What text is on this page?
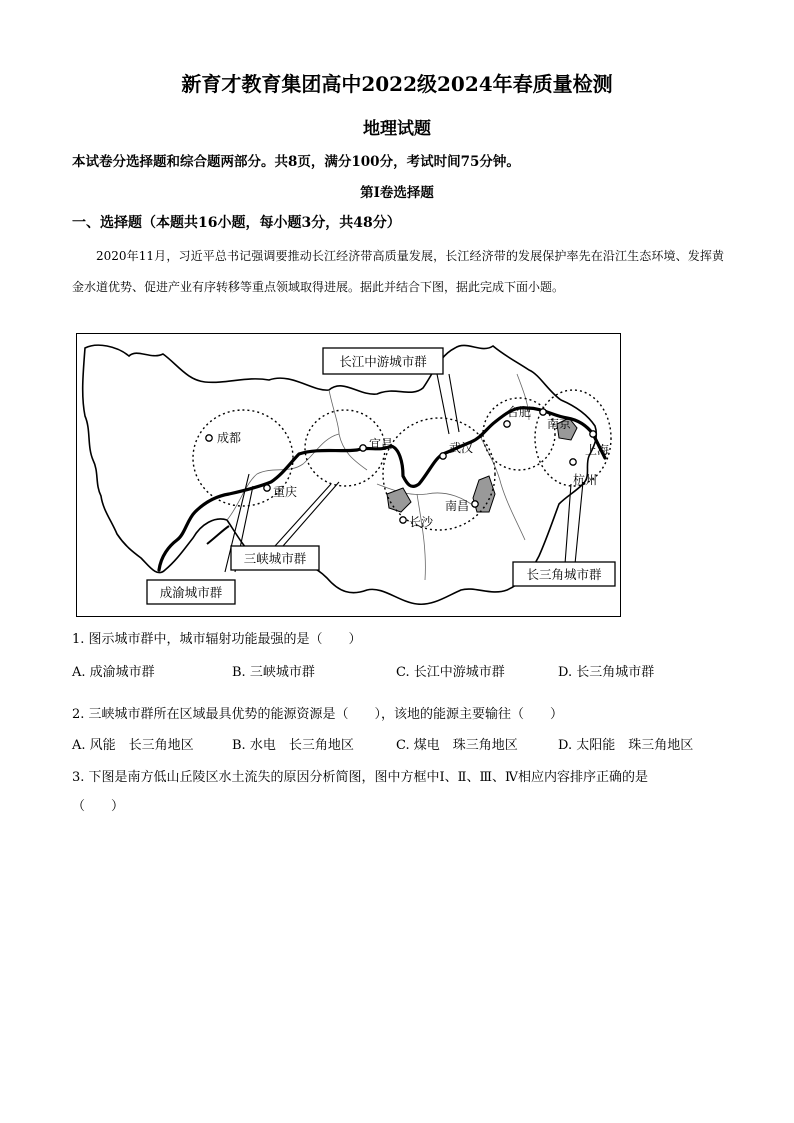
新育才教育集团高中2022级2024年春质量检测
地理试题
本试卷分选择题和综合题两部分。共8页，满分100分，考试时间75分钟。
第Ⅰ卷选择题
一、选择题（本题共16小题，每小题3分，共48分）
2020年11月，习近平总书记强调要推动长江经济带高质量发展，长江经济带的发展保护率先在沿江生态环境、发挥黄金水道优势、促进产业有序转移等重点领域取得进展。据此并结合下图，据此完成下面小题。
成都
重庆
宜昌	武汉
长沙
南昌
合肥
南京
上海
杭州
长江中游城市群
三峡城市群
成渝城市群
长三角城市群
1. 图示城市群中，城市辐射功能最强的是（　　）
A. 成渝城市群	B. 三峡城市群	C. 长江中游城市群	D. 长三角城市群
2. 三峡城市群所在区域最具优势的能源资源是（　　），该地的能源主要输往（　　）
A. 风能　长三角地区	B. 水电　长三角地区	C. 煤电　珠三角地区	D. 太阳能　珠三角地区
3. 下图是南方低山丘陵区水土流失的原因分析简图，图中方框中Ⅰ、Ⅱ、Ⅲ、Ⅳ相应内容排序正确的是
（　　）
